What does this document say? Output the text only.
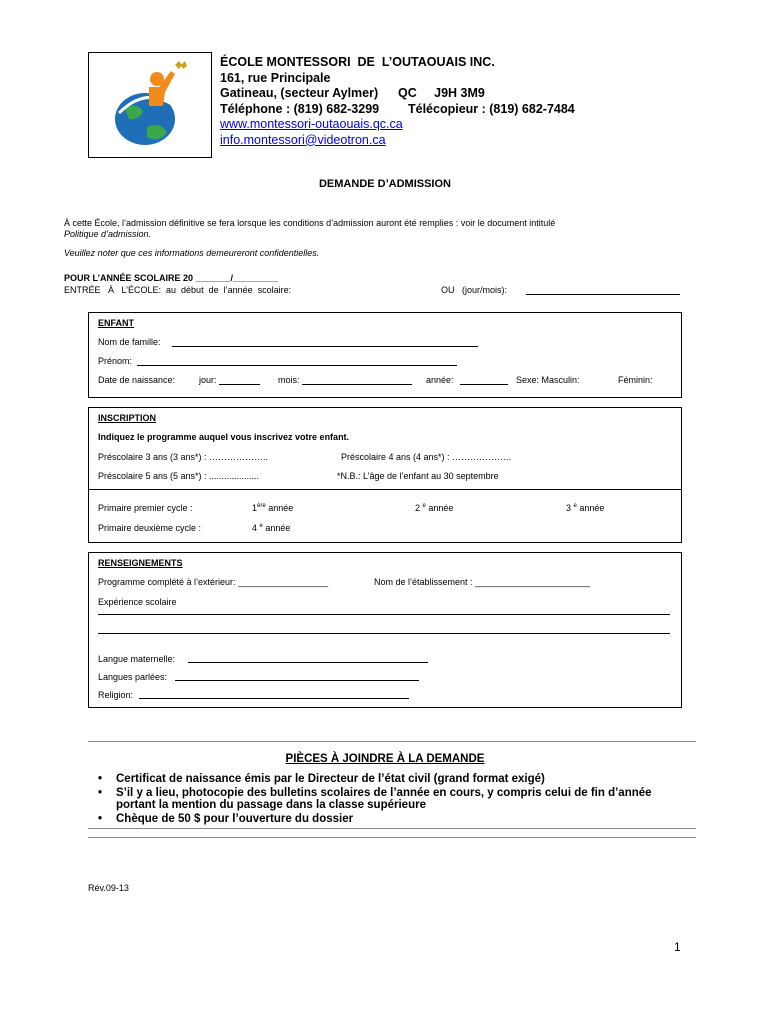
ÉCOLE MONTESSORI  DE  L’OUTAOUAIS INC.
161, rue Principale
Gatineau, (secteur Aylmer) QC     J9H 3M9
Téléphone : (819) 682-3299 Télécopieur : (819) 682-7484
www.montessori-outaouais.qc.ca
info.montessori@videotron.ca
DEMANDE D’ADMISSION
À cette École, l’admission définitive se fera lorsque les conditions d’admission auront été remplies : voir le document intitulé
Politique d’admission.
Veuillez noter que ces informations demeureront confidentielles.
POUR L’ANNÉE SCOLAIRE 20 _______/_________
ENTRÉE   À   L’ÉCOLE:  au  début  de  l’année  scolaire:	OU   (jour/mois):
ENFANT
Nom de famille:
Prénom:
Date de naissance:	jour:	mois:	année:	Sexe: Masculin:	Féminin:
INSCRIPTION
Indiquez le programme auquel vous inscrivez votre enfant.
Préscolaire 3 ans (3 ans*) : ………………..	Préscolaire 4 ans (4 ans*) : ………………..
Préscolaire 5 ans (5 ans*) : ....................	*N.B.: L’âge de l’enfant au 30 septembre
Primaire premier cycle :	1ère année	2 $^e$ année	3 $^e$ année
Primaire deuxième cycle :	4 $^e$ année
RENSEIGNEMENTS
Programme complété à l’extérieur: __________________	Nom de l’établissement : _______________________
Expérience scolaire
Langue maternelle:
Langues parlées:
Religion:
PIÈCES À JOINDRE À LA DEMANDE
• Certificat de naissance émis par le Directeur de l’état civil (grand format exigé)
• S’il y a lieu, photocopie des bulletins scolaires de l’année en cours, y compris celui de fin d’année portant la mention du passage dans la classe supérieure
• Chèque de 50 $ pour l’ouverture du dossier
Rév.09-13
1
